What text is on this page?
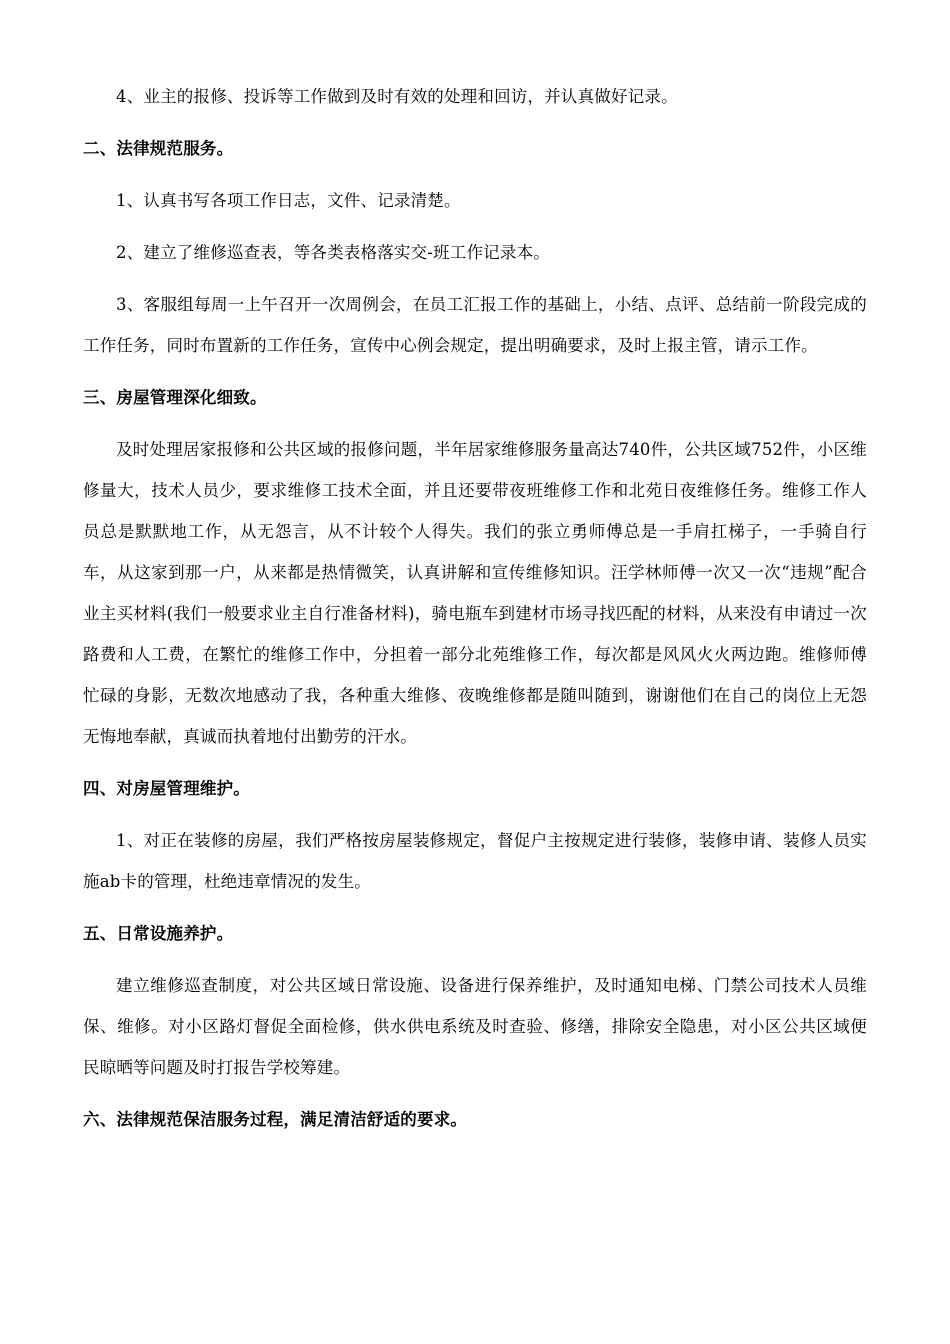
4、业主的报修、投诉等工作做到及时有效的处理和回访，并认真做好记录。

二、法律规范服务。

1、认真书写各项工作日志，文件、记录清楚。

2、建立了维修巡查表，等各类表格落实交-班工作记录本。

3、客服组每周一上午召开一次周例会，在员工汇报工作的基础上，小结、点评、总结前一阶段完成的工作任务，同时布置新的工作任务，宣传中心例会规定，提出明确要求，及时上报主管，请示工作。

三、房屋管理深化细致。

及时处理居家报修和公共区域的报修问题，半年居家维修服务量高达740件，公共区域752件，小区维修量大，技术人员少，要求维修工技术全面，并且还要带夜班维修工作和北苑日夜维修任务。维修工作人员总是默默地工作，从无怨言，从不计较个人得失。我们的张立勇师傅总是一手肩扛梯子，一手骑自行车，从这家到那一户，从来都是热情微笑，认真讲解和宣传维修知识。汪学林师傅一次又一次“违规”配合业主买材料(我们一般要求业主自行准备材料)，骑电瓶车到建材市场寻找匹配的材料，从来没有申请过一次路费和人工费，在繁忙的维修工作中，分担着一部分北苑维修工作，每次都是风风火火两边跑。维修师傅忙碌的身影，无数次地感动了我，各种重大维修、夜晚维修都是随叫随到，谢谢他们在自己的岗位上无怨无悔地奉献，真诚而执着地付出勤劳的汗水。

四、对房屋管理维护。

1、对正在装修的房屋，我们严格按房屋装修规定，督促户主按规定进行装修，装修申请、装修人员实施ab卡的管理，杜绝违章情况的发生。

五、日常设施养护。

建立维修巡查制度，对公共区域日常设施、设备进行保养维护，及时通知电梯、门禁公司技术人员维保、维修。对小区路灯督促全面检修，供水供电系统及时查验、修缮，排除安全隐患，对小区公共区域便民晾晒等问题及时打报告学校筹建。

六、法律规范保洁服务过程，满足清洁舒适的要求。
